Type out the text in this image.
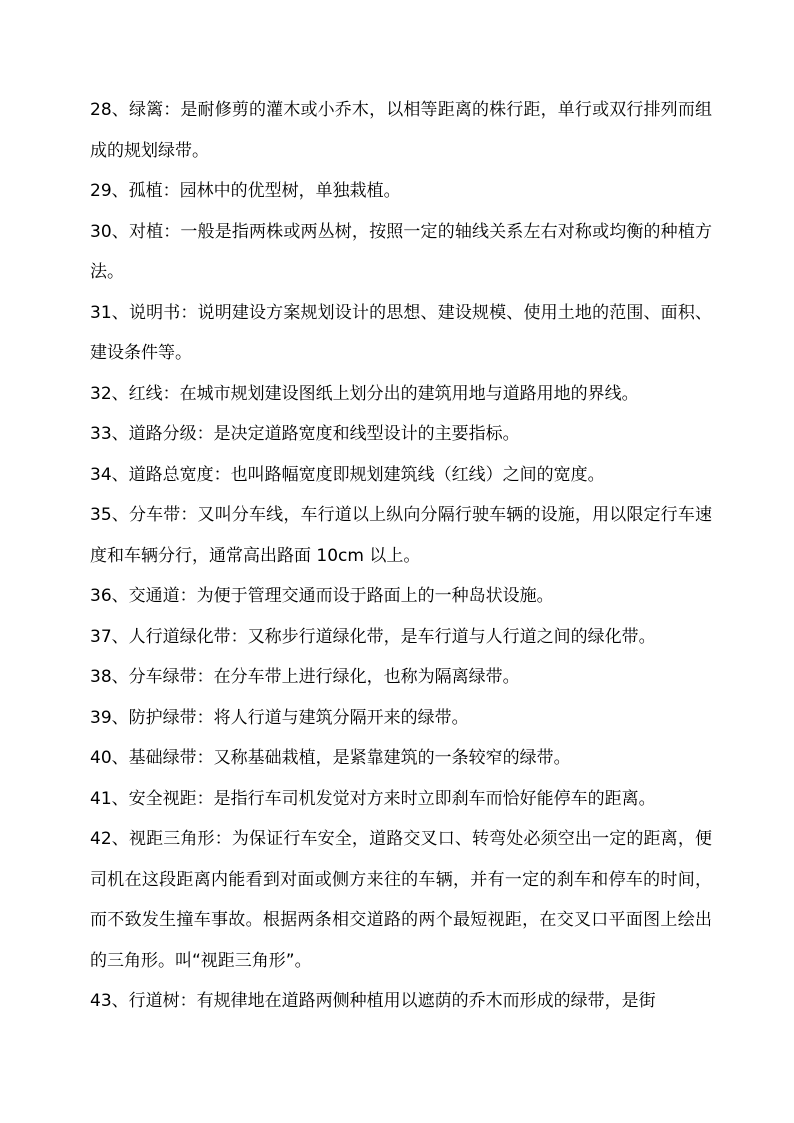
28、绿篱：是耐修剪的灌木或小乔木，以相等距离的株行距，单行或双行排列而组成的规划绿带。

29、孤植：园林中的优型树，单独栽植。

30、对植：一般是指两株或两丛树，按照一定的轴线关系左右对称或均衡的种植方法。

31、说明书：说明建设方案规划设计的思想、建设规模、使用土地的范围、面积、建设条件等。

32、红线：在城市规划建设图纸上划分出的建筑用地与道路用地的界线。

33、道路分级：是决定道路宽度和线型设计的主要指标。

34、道路总宽度：也叫路幅宽度即规划建筑线（红线）之间的宽度。

35、分车带：又叫分车线，车行道以上纵向分隔行驶车辆的设施，用以限定行车速度和车辆分行，通常高出路面 10cm 以上。

36、交通道：为便于管理交通而设于路面上的一种岛状设施。

37、人行道绿化带：又称步行道绿化带，是车行道与人行道之间的绿化带。

38、分车绿带：在分车带上进行绿化，也称为隔离绿带。

39、防护绿带：将人行道与建筑分隔开来的绿带。

40、基础绿带：又称基础栽植，是紧靠建筑的一条较窄的绿带。

41、安全视距：是指行车司机发觉对方来时立即刹车而恰好能停车的距离。

42、视距三角形：为保证行车安全，道路交叉口、转弯处必须空出一定的距离，便司机在这段距离内能看到对面或侧方来往的车辆，并有一定的刹车和停车的时间，而不致发生撞车事故。根据两条相交道路的两个最短视距，在交叉口平面图上绘出的三角形。叫“视距三角形”。

43、行道树：有规律地在道路两侧种植用以遮荫的乔木而形成的绿带，是街
